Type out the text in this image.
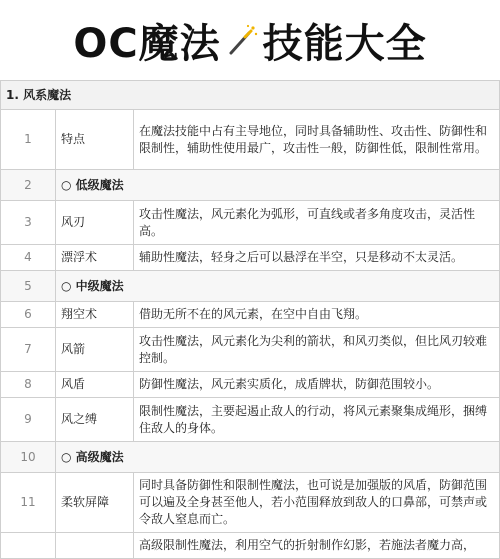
OC魔法 技能大全
1. 风系魔法		
1	特点	在魔法技能中占有主导地位，同时具备辅助性、攻击性、防御性和限制性，辅助性使用最广，攻击性一般，防御性低，限制性常用。
2	○ 低级魔法	
3	风刃	攻击性魔法，风元素化为弧形，可直线或者多角度攻击，灵活性高。
4	漂浮术	辅助性魔法，轻身之后可以悬浮在半空，只是移动不太灵活。
5	○ 中级魔法	
6	翔空术	借助无所不在的风元素，在空中自由飞翔。
7	风箭	攻击性魔法，风元素化为尖利的箭状，和风刃类似，但比风刃较难控制。
8	风盾	防御性魔法，风元素实质化，成盾牌状，防御范围较小。
9	风之缚	限制性魔法，主要起遏止敌人的行动，将风元素聚集成绳形，捆缚住敌人的身体。
10	○ 高级魔法	
11	柔软屏障	同时具备防御性和限制性魔法，也可说是加强版的风盾，防御范围可以遍及全身甚至他人，若小范围释放到敌人的口鼻部，可禁声或令敌人窒息而亡。
		高级限制性魔法，利用空气的折射制作幻影，若施法者魔力高，
